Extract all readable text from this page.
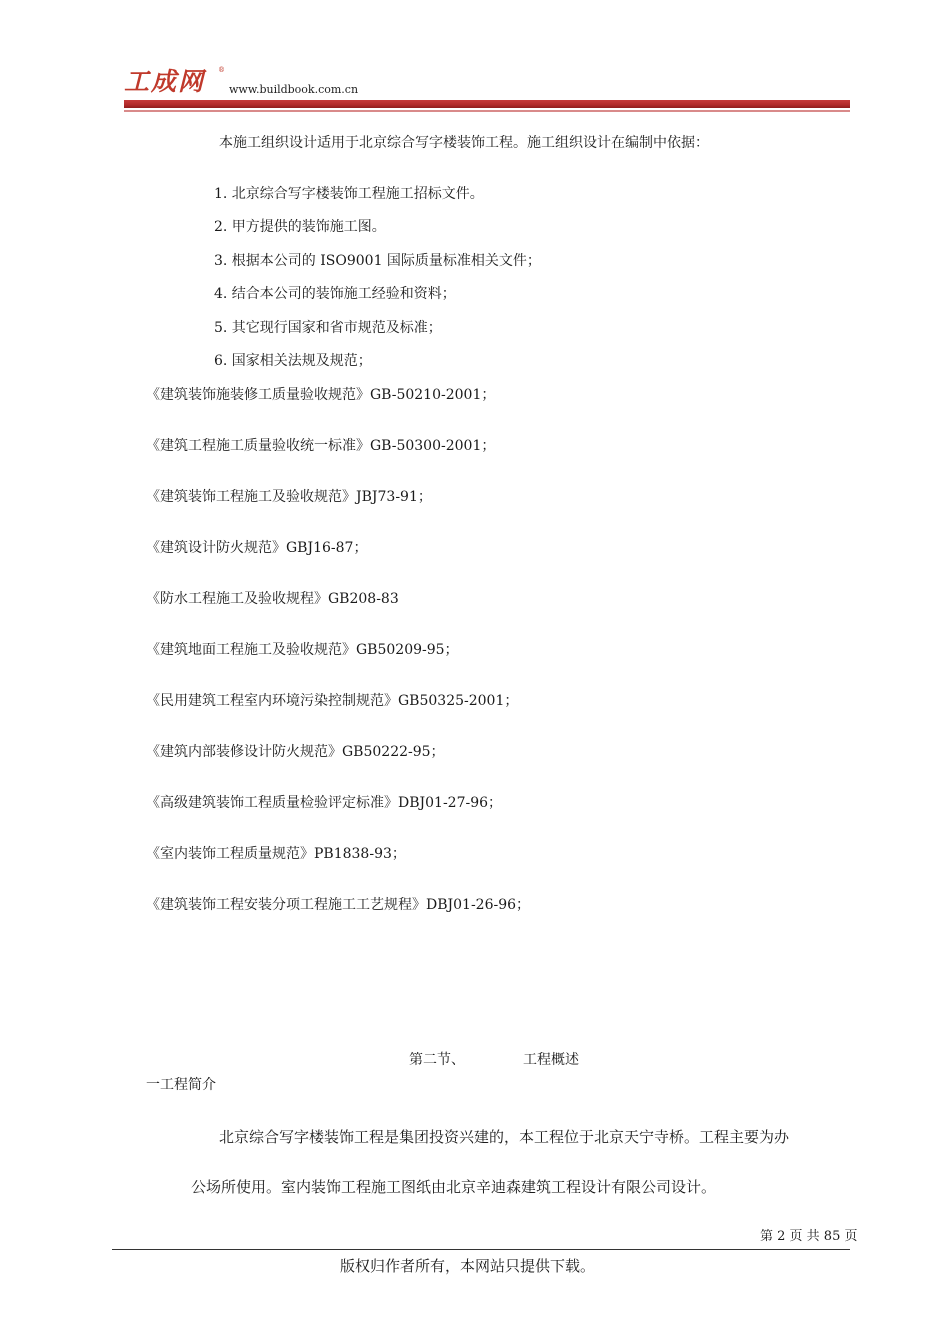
工成网	®
www.buildbook.com.cn
本施工组织设计适用于北京综合写字楼装饰工程。施工组织设计在编制中依据：
1. 北京综合写字楼装饰工程施工招标文件。
2. 甲方提供的装饰施工图。
3. 根据本公司的 ISO9001 国际质量标准相关文件；
4. 结合本公司的装饰施工经验和资料；
5. 其它现行国家和省市规范及标准；
6. 国家相关法规及规范；
《建筑装饰施装修工质量验收规范》GB-50210-2001；
《建筑工程施工质量验收统一标准》GB-50300-2001；
《建筑装饰工程施工及验收规范》JBJ73-91；
《建筑设计防火规范》GBJ16-87；
《防水工程施工及验收规程》GB208-83
《建筑地面工程施工及验收规范》GB50209-95；
《民用建筑工程室内环境污染控制规范》GB50325-2001；
《建筑内部装修设计防火规范》GB50222-95；
《高级建筑装饰工程质量检验评定标准》DBJ01-27-96；
《室内装饰工程质量规范》PB1838-93；
《建筑装饰工程安装分项工程施工工艺规程》DBJ01-26-96；
第二节、	工程概述
一工程简介
北京综合写字楼装饰工程是集团投资兴建的，本工程位于北京天宁寺桥。工程主要为办
公场所使用。室内装饰工程施工图纸由北京辛迪森建筑工程设计有限公司设计。
第 2 页 共 85 页
版权归作者所有，本网站只提供下载。
